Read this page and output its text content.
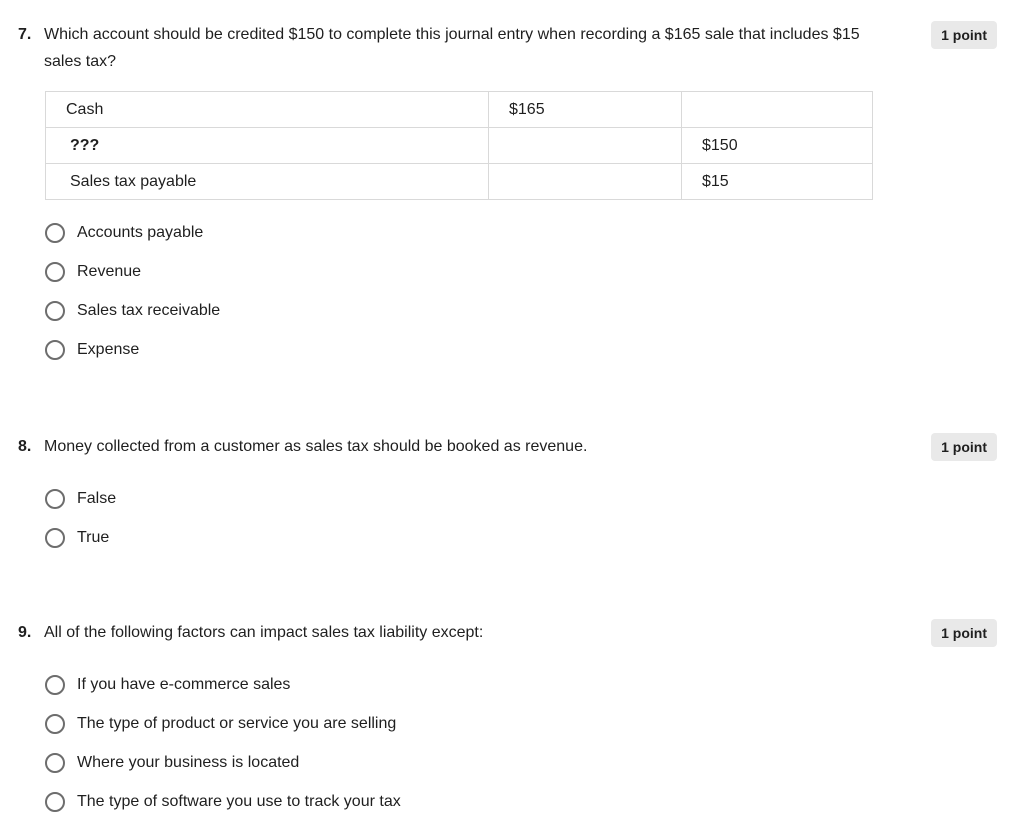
7. Which account should be credited $150 to complete this journal entry when recording a $165 sale that includes $15 sales tax?
Cash	$165	
???		$150
Sales tax payable		$15
Accounts payable
Revenue
Sales tax receivable
Expense
1 point
8. Money collected from a customer as sales tax should be booked as revenue.
False
True
1 point
9. All of the following factors can impact sales tax liability except:
If you have e-commerce sales
The type of product or service you are selling
Where your business is located
The type of software you use to track your tax
1 point
